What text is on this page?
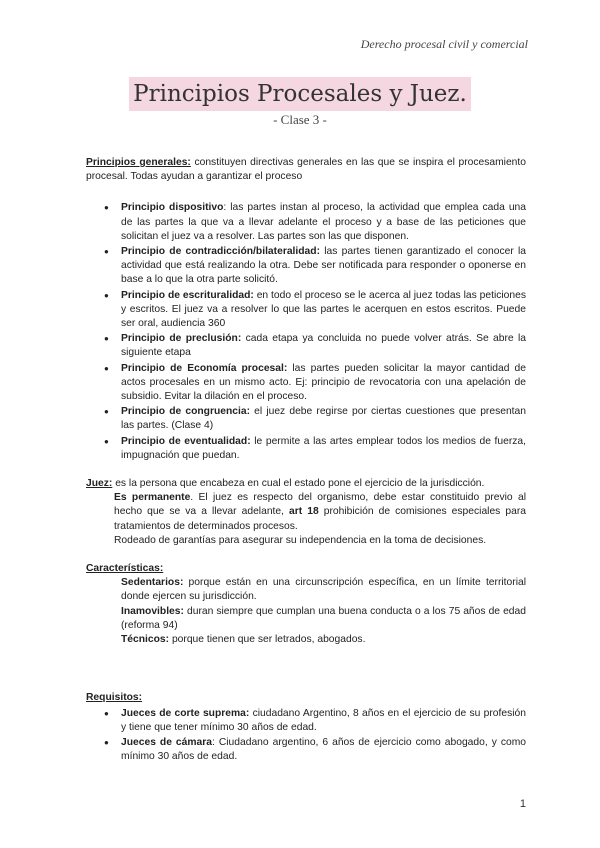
Derecho procesal civil y comercial
Principios Procesales y Juez.
- Clase 3 -

Principios generales: constituyen directivas generales en las que se inspira el procesamiento procesal. Todas ayudan a garantizar el proceso

● Principio dispositivo: las partes instan al proceso, la actividad que emplea cada una de las partes la que va a llevar adelante el proceso y a base de las peticiones que solicitan el juez va a resolver. Las partes son las que disponen.
● Principio de contradicción/bilateralidad: las partes tienen garantizado el conocer la actividad que está realizando la otra. Debe ser notificada para responder o oponerse en base a lo que la otra parte solicitó.
● Principio de escrituralidad: en todo el proceso se le acerca al juez todas las peticiones y escritos. El juez va a resolver lo que las partes le acerquen en estos escritos. Puede ser oral, audiencia 360
● Principio de preclusión: cada etapa ya concluida no puede volver atrás. Se abre la siguiente etapa
● Principio de Economía procesal: las partes pueden solicitar la mayor cantidad de actos procesales en un mismo acto. Ej: principio de revocatoria con una apelación de subsidio. Evitar la dilación en el proceso.
● Principio de congruencia: el juez debe regirse por ciertas cuestiones que presentan las partes. (Clase 4)
● Principio de eventualidad: le permite a las artes emplear todos los medios de fuerza, impugnación que puedan.

Juez: es la persona que encabeza en cual el estado pone el ejercicio de la jurisdicción.

Es permanente. El juez es respecto del organismo, debe estar constituido previo al hecho que se va a llevar adelante, art 18 prohibición de comisiones especiales para tratamientos de determinados procesos.

Rodeado de garantías para asegurar su independencia en la toma de decisiones.

Características:

Sedentarios: porque están en una circunscripción específica, en un límite territorial donde ejercen su jurisdicción.

Inamovibles: duran siempre que cumplan una buena conducta o a los 75 años de edad (reforma 94)

Técnicos: porque tienen que ser letrados, abogados.

Requisitos:

● Jueces de corte suprema: ciudadano Argentino, 8 años en el ejercicio de su profesión y tiene que tener mínimo 30 años de edad.
● Jueces de cámara: Ciudadano argentino, 6 años de ejercicio como abogado, y como mínimo 30 años de edad.
1
